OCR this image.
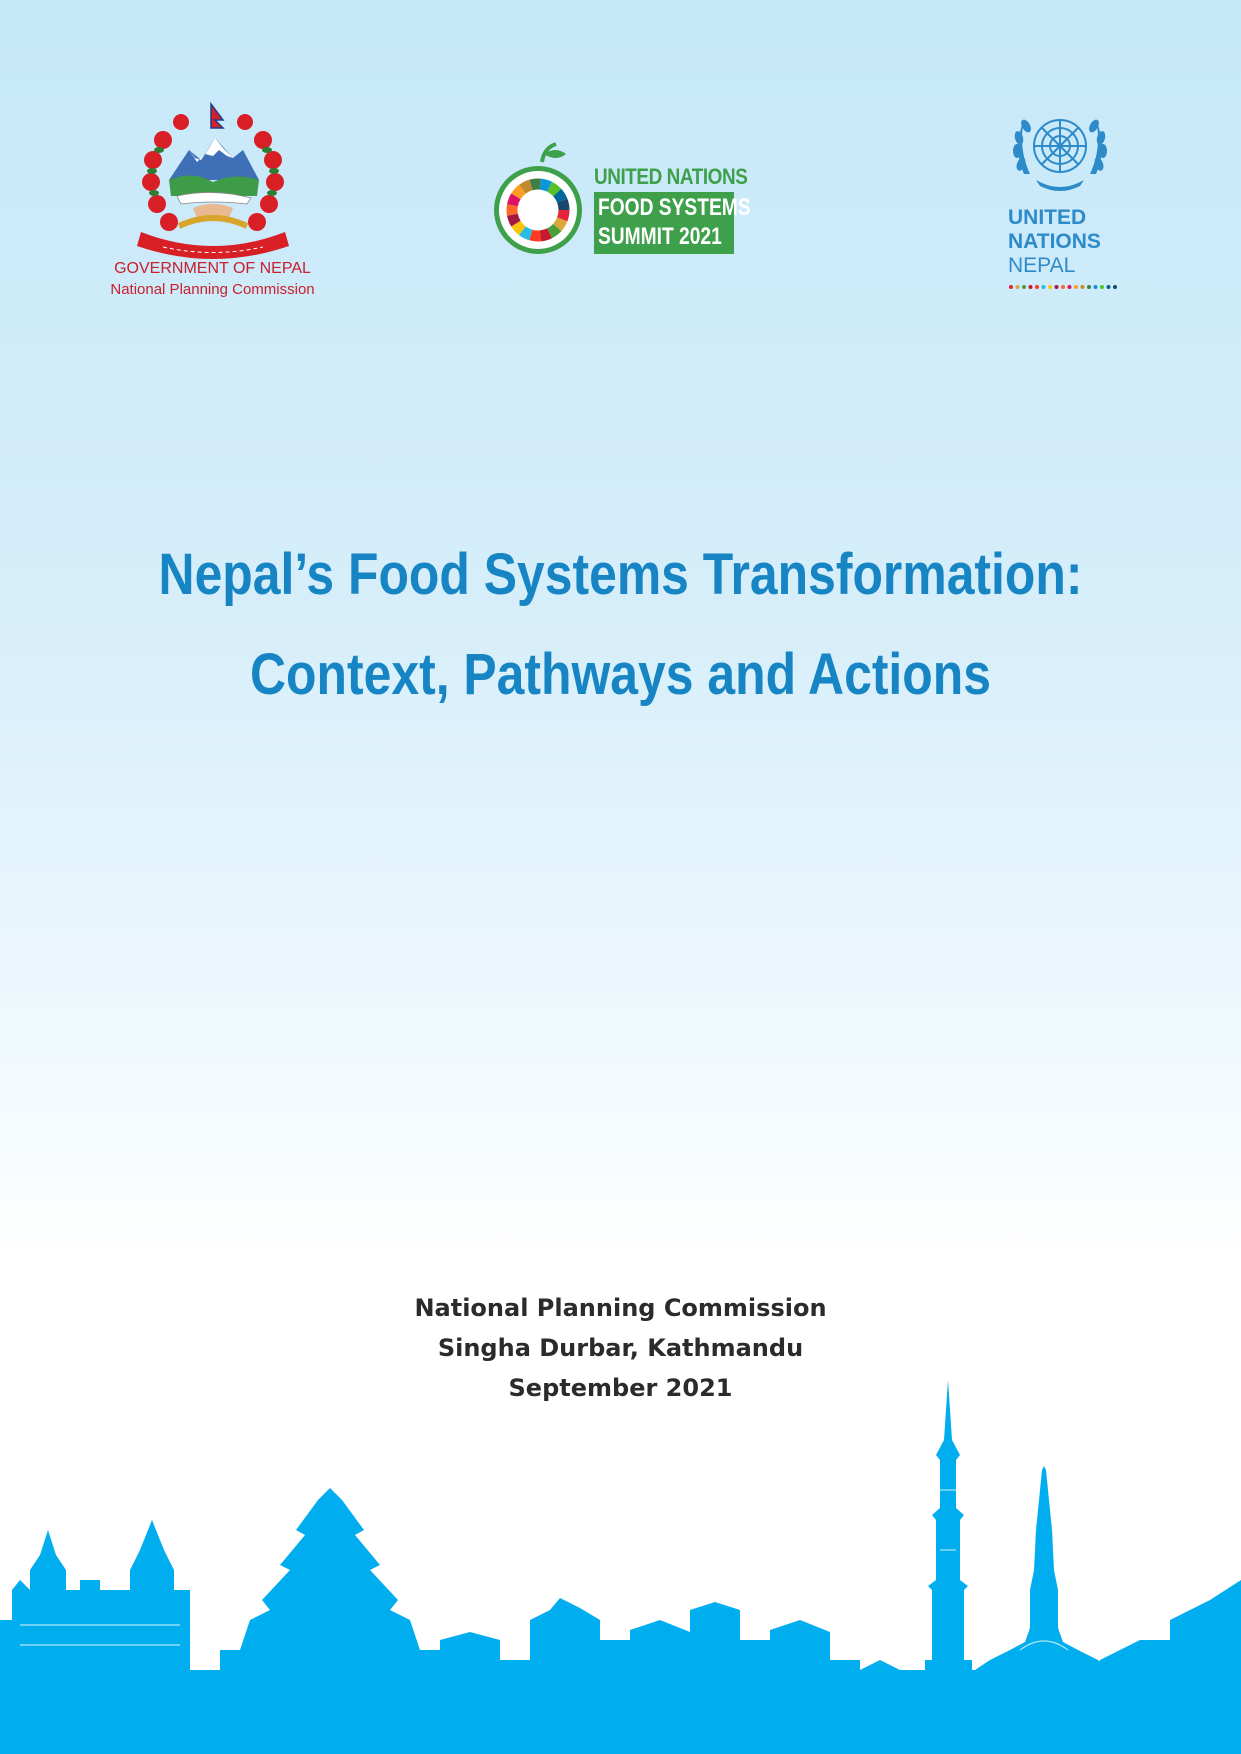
GOVERNMENT OF NEPAL
National Planning Commission
UNITED NATIONS
FOOD SYSTEMS
SUMMIT 2021
UNITED
NATIONS
NEPAL
Nepal’s Food Systems Transformation:
Context, Pathways and Actions
National Planning Commission
Singha Durbar, Kathmandu
September 2021
